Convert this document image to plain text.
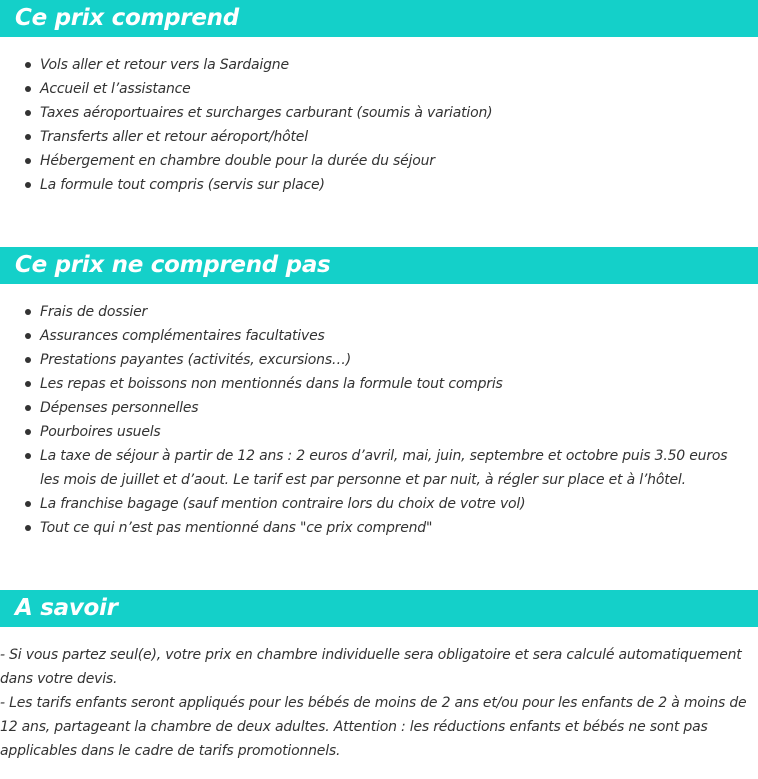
Ce prix comprend
Vols aller et retour vers la Sardaigne
Accueil et l’assistance
Taxes aéroportuaires et surcharges carburant (soumis à variation)
Transferts aller et retour aéroport/hôtel
Hébergement en chambre double pour la durée du séjour
La formule tout compris (servis sur place)
Ce prix ne comprend pas
Frais de dossier
Assurances complémentaires facultatives
Prestations payantes (activités, excursions…)
Les repas et boissons non mentionnés dans la formule tout compris
Dépenses personnelles
Pourboires usuels
La taxe de séjour à partir de 12 ans : 2 euros d’avril, mai, juin, septembre et octobre puis 3.50 euros les mois de juillet et d’aout. Le tarif est par personne et par nuit, à régler sur place et à l’hôtel.
La franchise bagage (sauf mention contraire lors du choix de votre vol)
Tout ce qui n’est pas mentionné dans "ce prix comprend"
A savoir

- Si vous partez seul(e), votre prix en chambre individuelle sera obligatoire et sera calculé automatiquement dans votre devis.

- Les tarifs enfants seront appliqués pour les bébés de moins de 2 ans et/ou pour les enfants de 2 à moins de 12 ans, partageant la chambre de deux adultes. Attention : les réductions enfants et bébés ne sont pas applicables dans le cadre de tarifs promotionnels.
